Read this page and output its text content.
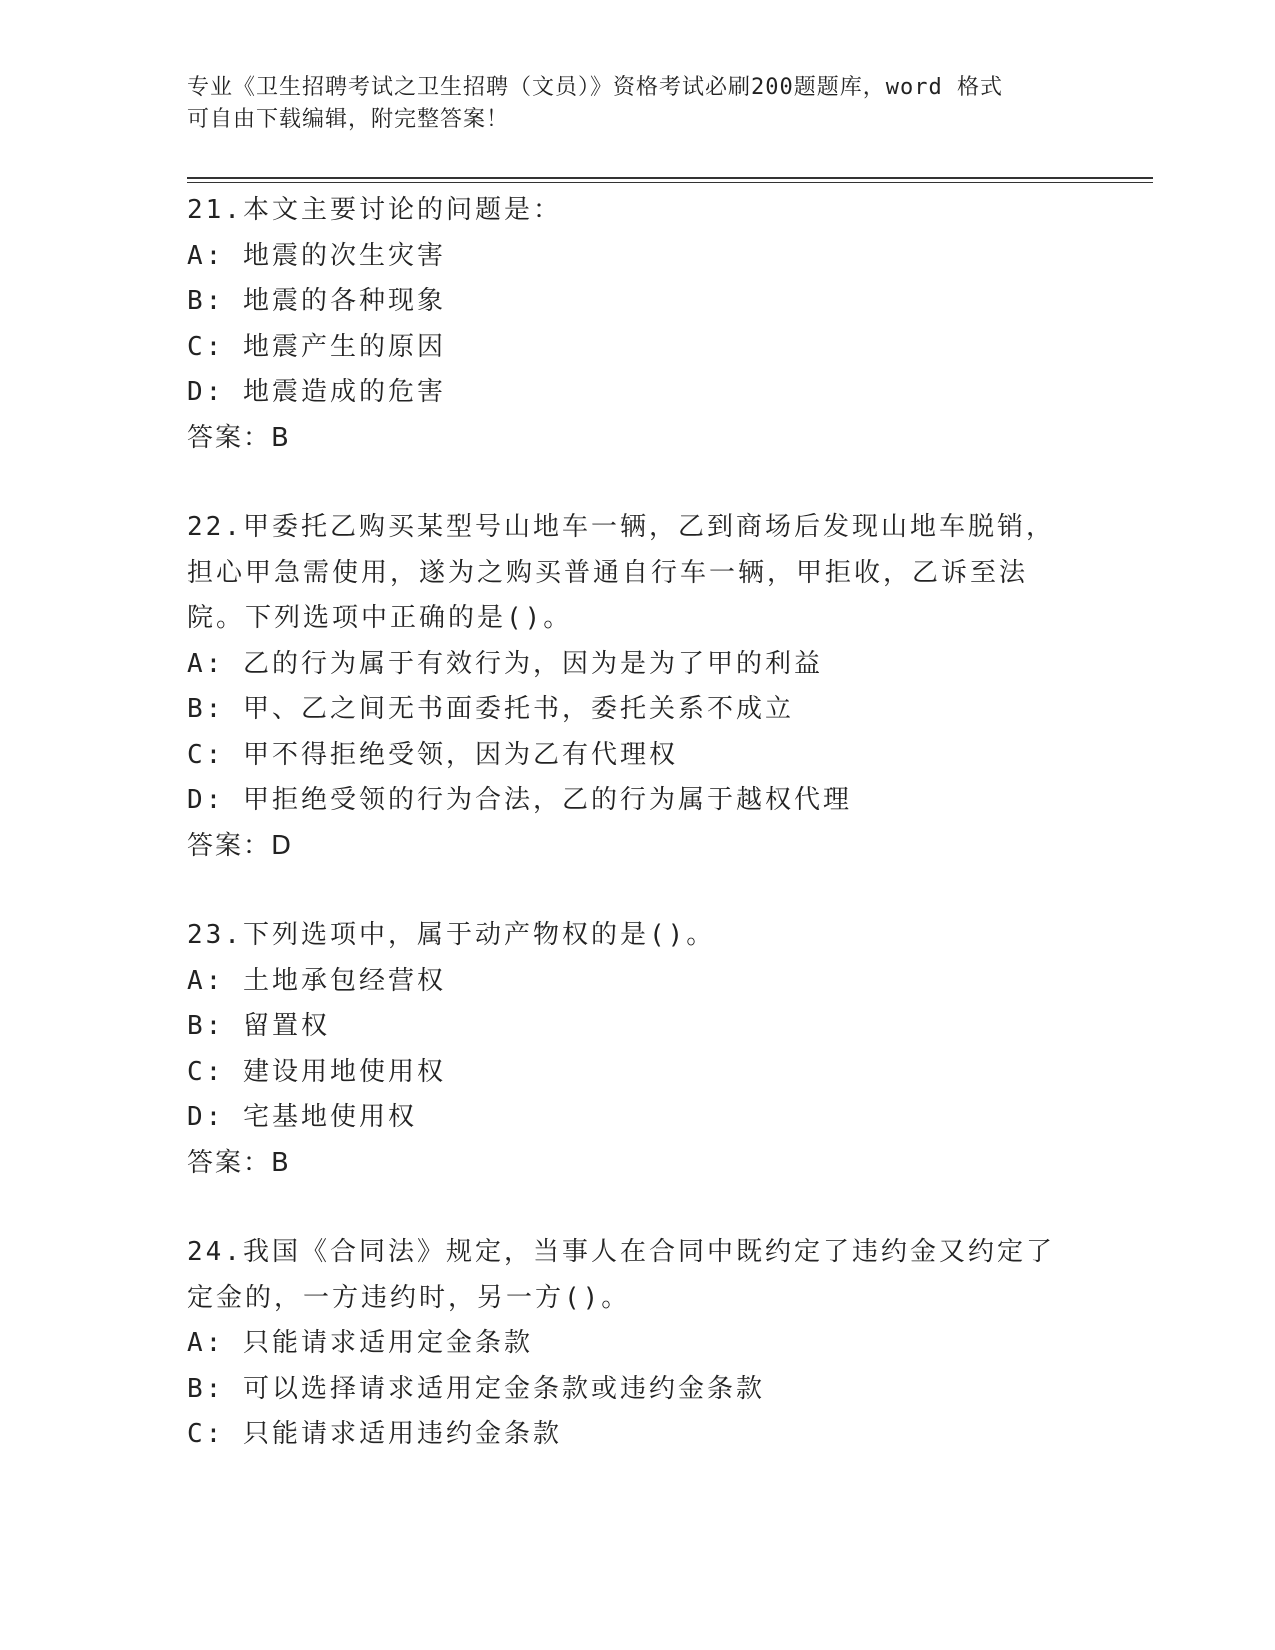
专业《卫生招聘考试之卫生招聘（文员）》资格考试必刷200题题库，word 格式
可自由下载编辑，附完整答案！
21.本文主要讨论的问题是：
A: 地震的次生灾害
B: 地震的各种现象
C: 地震产生的原因
D: 地震造成的危害
答案：B
22.甲委托乙购买某型号山地车一辆，乙到商场后发现山地车脱销，担心甲急需使用，遂为之购买普通自行车一辆，甲拒收，乙诉至法院。下列选项中正确的是()。
A: 乙的行为属于有效行为，因为是为了甲的利益
B: 甲、乙之间无书面委托书，委托关系不成立
C: 甲不得拒绝受领，因为乙有代理权
D: 甲拒绝受领的行为合法，乙的行为属于越权代理
答案：D
23.下列选项中，属于动产物权的是()。
A: 土地承包经营权
B: 留置权
C: 建设用地使用权
D: 宅基地使用权
答案：B
24.我国《合同法》规定，当事人在合同中既约定了违约金又约定了定金的，一方违约时，另一方()。
A: 只能请求适用定金条款
B: 可以选择请求适用定金条款或违约金条款
C: 只能请求适用违约金条款
